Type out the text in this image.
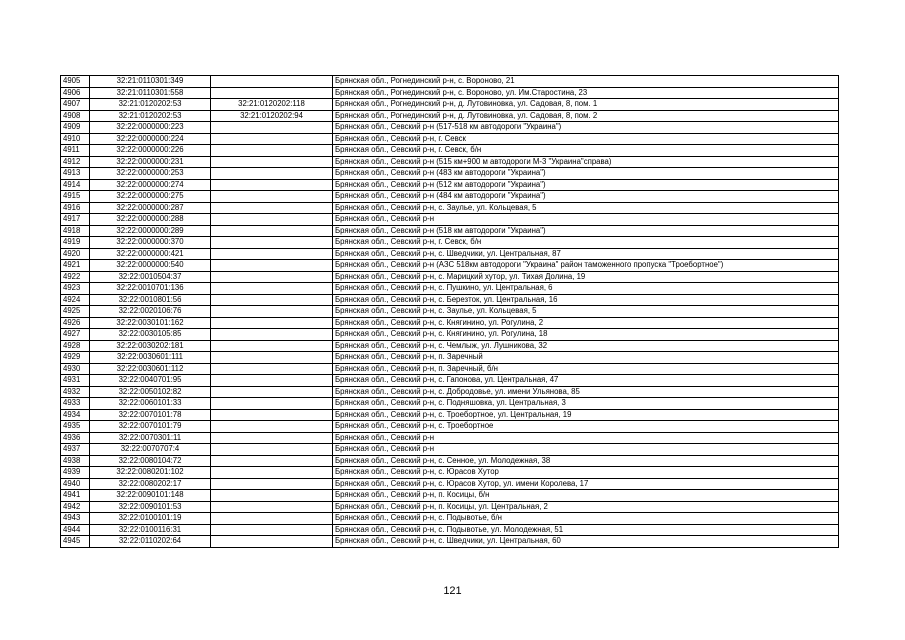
4905	32:21:0110301:349		Брянская обл., Рогнединский р-н, с. Вороново, 21
4906	32:21:0110301:558		Брянская обл., Рогнединский р-н, с. Вороново, ул. Им.Старостина, 23
4907	32:21:0120202:53	32:21:0120202:118	Брянская обл., Рогнединский р-н, д. Лутовиновка, ул. Садовая, 8, пом. 1
4908	32:21:0120202:53	32:21:0120202:94	Брянская обл., Рогнединский р-н, д. Лутовиновка, ул. Садовая, 8, пом. 2
4909	32:22:0000000:223		Брянская обл., Севский р-н (517-518 км автодороги "Украина")
4910	32:22:0000000:224		Брянская обл., Севский р-н, г. Севск
4911	32:22:0000000:226		Брянская обл., Севский р-н, г. Севск, б/н
4912	32:22:0000000:231		Брянская обл., Севский р-н (515 км+900 м автодороги М-3 "Украина"справа)
4913	32:22:0000000:253		Брянская обл., Севский р-н (483 км автодороги "Украина")
4914	32:22:0000000:274		Брянская обл., Севский р-н (512 км автодороги "Украина")
4915	32:22:0000000:275		Брянская обл., Севский р-н (484 км автодороги "Украина")
4916	32:22:0000000:287		Брянская обл., Севский р-н, с. Заулье, ул. Кольцевая, 5
4917	32:22:0000000:288		Брянская обл., Севский р-н
4918	32:22:0000000:289		Брянская обл., Севский р-н (518 км автодороги "Украина")
4919	32:22:0000000:370		Брянская обл., Севский р-н, г. Севск, б/н
4920	32:22:0000000:421		Брянская обл., Севский р-н, с. Шведчики, ул. Центральная, 87
4921	32:22:0000000:540		Брянская обл., Севский р-н (АЗС 518км автодороги "Украина" район таможенного пропуска "Троебортное")
4922	32:22:0010504:37		Брянская обл., Севский р-н, с. Марицкий хутор, ул. Тихая Долина, 19
4923	32:22:0010701:136		Брянская обл., Севский р-н, с. Пушкино, ул. Центральная, 6
4924	32:22:0010801:56		Брянская обл., Севский р-н, с. Березток, ул. Центральная, 16
4925	32:22:0020106:76		Брянская обл., Севский р-н, с. Заулье, ул. Кольцевая, 5
4926	32:22:0030101:162		Брянская обл., Севский р-н, с. Княгинино, ул. Рогулина, 2
4927	32:22:0030105:85		Брянская обл., Севский р-н, с. Княгинино, ул. Рогулина, 18
4928	32:22:0030202:181		Брянская обл., Севский р-н, с. Чемлыж, ул. Лушникова, 32
4929	32:22:0030601:111		Брянская обл., Севский р-н, п. Заречный
4930	32:22:0030601:112		Брянская обл., Севский р-н, п. Заречный, б/н
4931	32:22:0040701:95		Брянская обл., Севский р-н, с. Гапонова, ул. Центральная, 47
4932	32:22:0050102:82		Брянская обл., Севский р-н, с. Добродовье, ул. имени Ульянова, 85
4933	32:22:0060101:33		Брянская обл., Севский р-н, с. Подняшовка, ул. Центральная, 3
4934	32:22:0070101:78		Брянская обл., Севский р-н, с. Троебортное, ул. Центральная, 19
4935	32:22:0070101:79		Брянская обл., Севский р-н, с. Троебортное
4936	32:22:0070301:11		Брянская обл., Севский р-н
4937	32:22:0070707:4		Брянская обл., Севский р-н
4938	32:22:0080104:72		Брянская обл., Севский р-н, с. Сенное, ул. Молодежная, 38
4939	32:22:0080201:102		Брянская обл., Севский р-н, с. Юрасов Хутор
4940	32:22:0080202:17		Брянская обл., Севский р-н, с. Юрасов Хутор, ул. имени Королева, 17
4941	32:22:0090101:148		Брянская обл., Севский р-н, п. Косицы, б/н
4942	32:22:0090101:53		Брянская обл., Севский р-н, п. Косицы, ул. Центральная, 2
4943	32:22:0100101:19		Брянская обл., Севский р-н, с. Подывотье, б/н
4944	32:22:0100116:31		Брянская обл., Севский р-н, с. Подывотье, ул. Молодежная, 51
4945	32:22:0110202:64		Брянская обл., Севский р-н, с. Шведчики, ул. Центральная, 60
121
